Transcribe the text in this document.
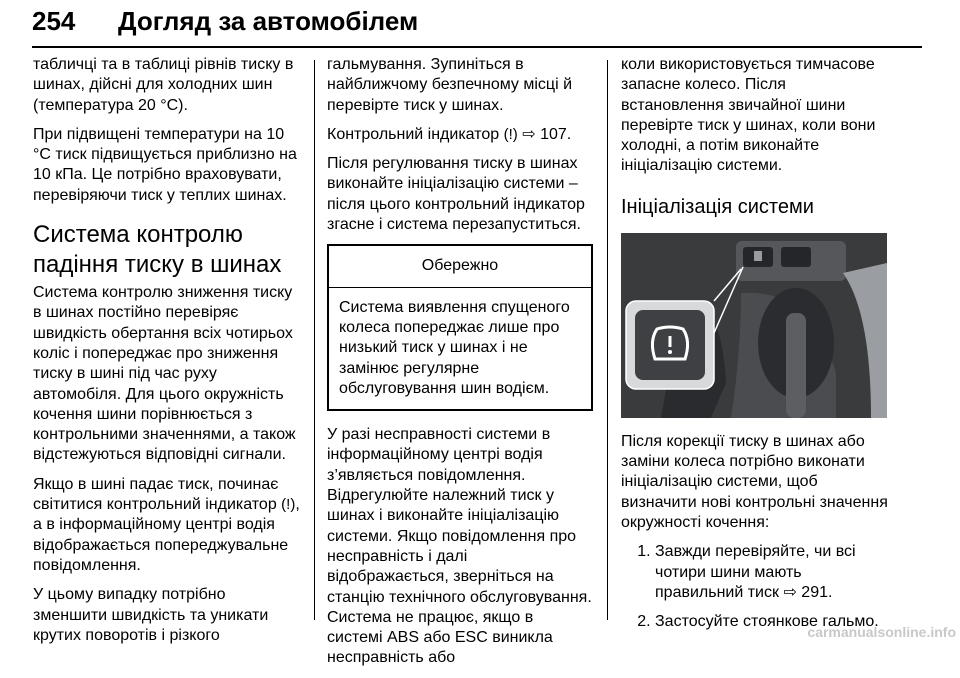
254 Догляд за автомобілем

табличці та в таблиці рівнів тиску в шинах, дійсні для холодних шин (температура 20 °C).

При підвищені температури на 10 °C тиск підвищується приблизно на 10 кПа. Це потрібно враховувати, перевіряючи тиск у теплих шинах.

Система контролю падіння тиску в шинах

Система контролю зниження тиску в шинах постійно перевіряє швидкість обертання всіх чотирьох коліс і попереджає про зниження тиску в шині під час руху автомобіля. Для цього окружність кочення шини порівнюється з контрольними значеннями, а також відстежуються відповідні сигнали.

Якщо в шині падає тиск, починає світитися контрольний індикатор (!), а в інформаційному центрі водія відображається попереджувальне повідомлення.

У цьому випадку потрібно зменшити швидкість та уникати крутих поворотів і різкого

гальмування. Зупиніться в найближчому безпечному місці й перевірте тиск у шинах.

Контрольний індикатор (!) ⇨ 107.

Після регулювання тиску в шинах виконайте ініціалізацію системи – після цього контрольний індикатор згасне і система перезапуститься.

Обережно
Система виявлення спущеного колеса попереджає лише про низький тиск у шинах і не замінює регулярне обслуговування шин водієм.

У разі несправності системи в інформаційному центрі водія з’являється повідомлення. Відрегулюйте належний тиск у шинах і виконайте ініціалізацію системи. Якщо повідомлення про несправність і далі відображається, зверніться на станцію технічного обслуговування. Система не працює, якщо в системі ABS або ESC виникла несправність або

коли використовується тимчасове запасне колесо. Після встановлення звичайної шини перевірте тиск у шинах, коли вони холодні, а потім виконайте ініціалізацію системи.

Ініціалізація системи

Після корекції тиску в шинах або заміни колеса потрібно виконати ініціалізацію системи, щоб визначити нові контрольні значення окружності кочення:

1. Завжди перевіряйте, чи всі чотири шини мають правильний тиск ⇨ 291.
2. Застосуйте стоянкове гальмо.
carmanualsonline.info
